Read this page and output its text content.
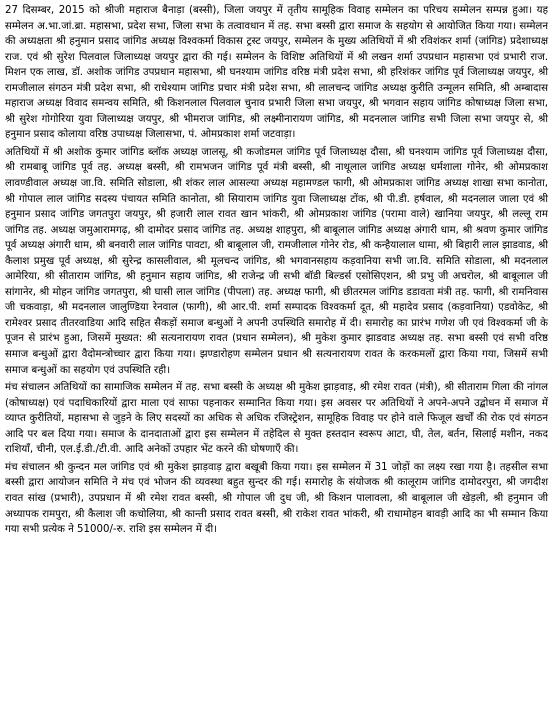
27 दिसम्बर, 2015 को श्रीजी महाराज बैनाड़ा (बस्सी), जिला जयपुर में तृतीय सामूहिक विवाह सम्मेलन का परिचय सम्मेलन सम्पन्न हुआ। यह सम्मेलन अ.भा.जां.ब्रा. महासभा, प्रदेश सभा, जिला सभा के तत्वावधान में तह. सभा बस्सी द्वारा समाज के सहयोग से आयोजित किया गया। सम्मेलन की अध्यक्षता श्री हनुमान प्रसाद जांगिड अध्यक्ष विश्वकर्मा विकास ट्रस्ट जयपुर, सम्मेलन के मुख्य अतिथियों में श्री रविशंकर शर्मा (जांगिड) प्रदेशाध्यक्ष राज. एवं श्री सुरेश पिलवाल जिलाध्यक्ष जयपुर द्वारा की गई। सम्मेलन के विशिष्ट अतिथियों में श्री लखन शर्मा उपप्रधान महासभा एवं प्रभारी राज. मिशन एक लाख, डॉ. अशोक जांगिड उपप्रधान महासभा, श्री घनश्याम जांगिड वरिष्ठ मंत्री प्रदेश सभा, श्री हरिशंकर जांगिड पूर्व जिलाध्यक्ष जयपुर, श्री रामजीलाल संगठन मंत्री प्रदेश सभा, श्री राधेश्याम जांगिड प्रचार मंत्री प्रदेश सभा, श्री लालचन्द जांगिड अध्यक्ष कुरीति उन्मूलन समिति, श्री अम्बादास महाराज अध्यक्ष विवाद समन्वय समिति, श्री किशनलाल पिलवाल चुनाव प्रभारी जिला सभा जयपुर, श्री भगवान सहाय जांगिड कोषाध्यक्ष जिला सभा, श्री सुरेश गोगोरिया युवा जिलाध्यक्ष जयपुर, श्री भीमराज जांगिड, श्री लक्ष्मीनारायण जांगिड, श्री मदनलाल जांगिड सभी जिला सभा जयपुर से, श्री हनुमान प्रसाद कोलाया वरिष्ठ उपाध्यक्ष जिलासभा, पं. ओमप्रकाश शर्मा जटवाड़ा।

अतिथियों में श्री अशोक कुमार जांगिड ब्लॉक अध्यक्ष जालसू, श्री कजोडमल जांगिड पूर्व जिलाध्यक्ष दौसा, श्री घनश्याम जांगिड पूर्व जिलाध्यक्ष दौसा, श्री रामबाबू जांगिड पूर्व तह. अध्यक्ष बस्सी, श्री रामभजन जांगिड पूर्व मंत्री बस्सी, श्री नाथूलाल जांगिड अध्यक्ष धर्मशाला गोनेर, श्री ओमप्रकाश लावण्डीवाल अध्यक्ष जा.वि. समिति सोडाला, श्री शंकर लाल आसल्या अध्यक्ष महामण्डल फागी, श्री ओमप्रकाश जांगिड अध्यक्ष शाखा सभा कानोता, श्री गोपाल लाल जांगिड सदस्य पंचायत समिति कानोता, श्री सियाराम जांगिड युवा जिलाध्यक्ष टोंक, श्री पी.डी. हर्षवाल, श्री मदनलाल जाला एवं श्री हनुमान प्रसाद जांगिड जगतपुरा जयपुर, श्री हजारी लाल रावत खान भांकरी, श्री ओमप्रकाश जांगिड (परामा वाले) खानिया जयपुर, श्री लल्लू राम जांगिड तह. अध्यक्ष जमुआरामगढ़, श्री दामोदर प्रसाद जांगिड तह. अध्यक्ष शाहपुरा, श्री बाबूलाल जांगिड अध्यक्ष अंगारी धाम, श्री श्रवण कुमार जांगिड पूर्व अध्यक्ष अंगारी धाम, श्री बनवारी लाल जांगिड पावटा, श्री बाबूलाल जी, रामजीलाल गोनेर रोड, श्री कन्हैयालाल धामा, श्री बिहारी लाल झाडवाड, श्री कैलाश प्रमुख पूर्व अध्यक्ष, श्री सुरेन्द्र कासलीवाल, श्री मूलचन्द जांगिड, श्री भगवानसहाय कड़वानिया सभी जा.वि. समिति सोडाला, श्री मदनलाल आमेरिया, श्री सीताराम जांगिड, श्री हनुमान सहाय जांगिड, श्री राजेन्द्र जी सभी बॉडी बिल्डर्स एसोसिएशन, श्री प्रभु जी अचरोल, श्री बाबूलाल जी सांगानेर, श्री मोहन जांगिड जगतपुरा, श्री घासी लाल जांगिड (पीपला) तह. अध्यक्ष फागी, श्री छीतरमल जांगिड डडावता मंत्री तह. फागी, श्री रामनिवास जी चकवाड़ा, श्री मदनलाल जालुण्डिया रेनवाल (फागी), श्री आर.पी. शर्मा सम्पादक विश्वकर्मा दूत, श्री महादेव प्रसाद (कड़वानिया) एडवोकेट, श्री रामेश्वर प्रसाद तीतरवाडिया आदि सहित सैकड़ों समाज बन्धुओं ने अपनी उपस्थिति समारोह में दी। समारोह का प्रारंभ गणेश जी एवं विश्वकर्मा जी के पूजन से प्रारंभ हुआ, जिसमें मुख्यत: श्री सत्यनारायण रावत (प्रधान सम्मेलन), श्री मुकेश कुमार झाडवाड अध्यक्ष तह. सभा बस्सी एवं सभी वरिष्ठ समाज बन्धुओं द्वारा वैदोमन्त्रोच्चार द्वारा किया गया। झण्डारोहण सम्मेलन प्रधान श्री सत्यनारायण रावत के करकमलों द्वारा किया गया, जिसमें सभी समाज बन्धुओं का सहयोग एवं उपस्थिति रही।

मंच संचालन अतिथियों का सामाजिक सम्मेलन में तह. सभा बस्सी के अध्यक्ष श्री मुकेश झाड़वाड़, श्री रमेश रावत (मंत्री), श्री सीताराम गिला की नांगल (कोषाध्यक्ष) एवं पदाधिकारियों द्वारा माला एवं साफा पहनाकर सम्मानित किया गया। इस अवसर पर अतिथियों ने अपने-अपने उद्बोधन में समाज में व्याप्त कुरीतियों, महासभा से जुड़ने के लिए सदस्यों का अधिक से अधिक रजिस्ट्रेशन, सामूहिक विवाह पर होने वाले फिजूल खर्चों की रोक एवं संगठन आदि पर बल दिया गया। समाज के दानदाताओं द्वारा इस सम्मेलन में तहेदिल से मुक्त हस्तदान स्वरूप आटा, घी, तेल, बर्तन, सिलाई मशीन, नकद राशियाँ, चीनी, एल.ई.डी./टी.वी. आदि अनेकों उपहार भेंट करने की घोषणाएँ की।

मंच संचालन श्री कुन्दन मल जांगिड एवं श्री मुकेश झाड़वाड़ द्वारा बखूबी किया गया। इस सम्मेलन में 31 जोड़ों का लक्ष्य रखा गया है। तहसील सभा बस्सी द्वारा आयोजन समिति ने मंच एवं भोजन की व्यवस्था बहुत सुन्दर की गई। समारोह के संयोजक श्री कालूराम जांगिड दामोदरपुरा, श्री जगदीश रावत सांख (प्रभारी), उपप्रधान में श्री रमेश रावत बस्सी, श्री गोपाल जी दुध जी, श्री किशन पालावला, श्री बाबूलाल जी खेड़ली, श्री हनुमान जी अध्यापक रामपुरा, श्री कैलाश जी कचोलिया, श्री कान्ती प्रसाद रावत बस्सी, श्री राकेश रावत भांकरी, श्री राधामोहन बावड़ी आदि का भी सम्मान किया गया सभी प्रत्येक ने 51000/-रु. राशि इस सम्मेलन में दी।
